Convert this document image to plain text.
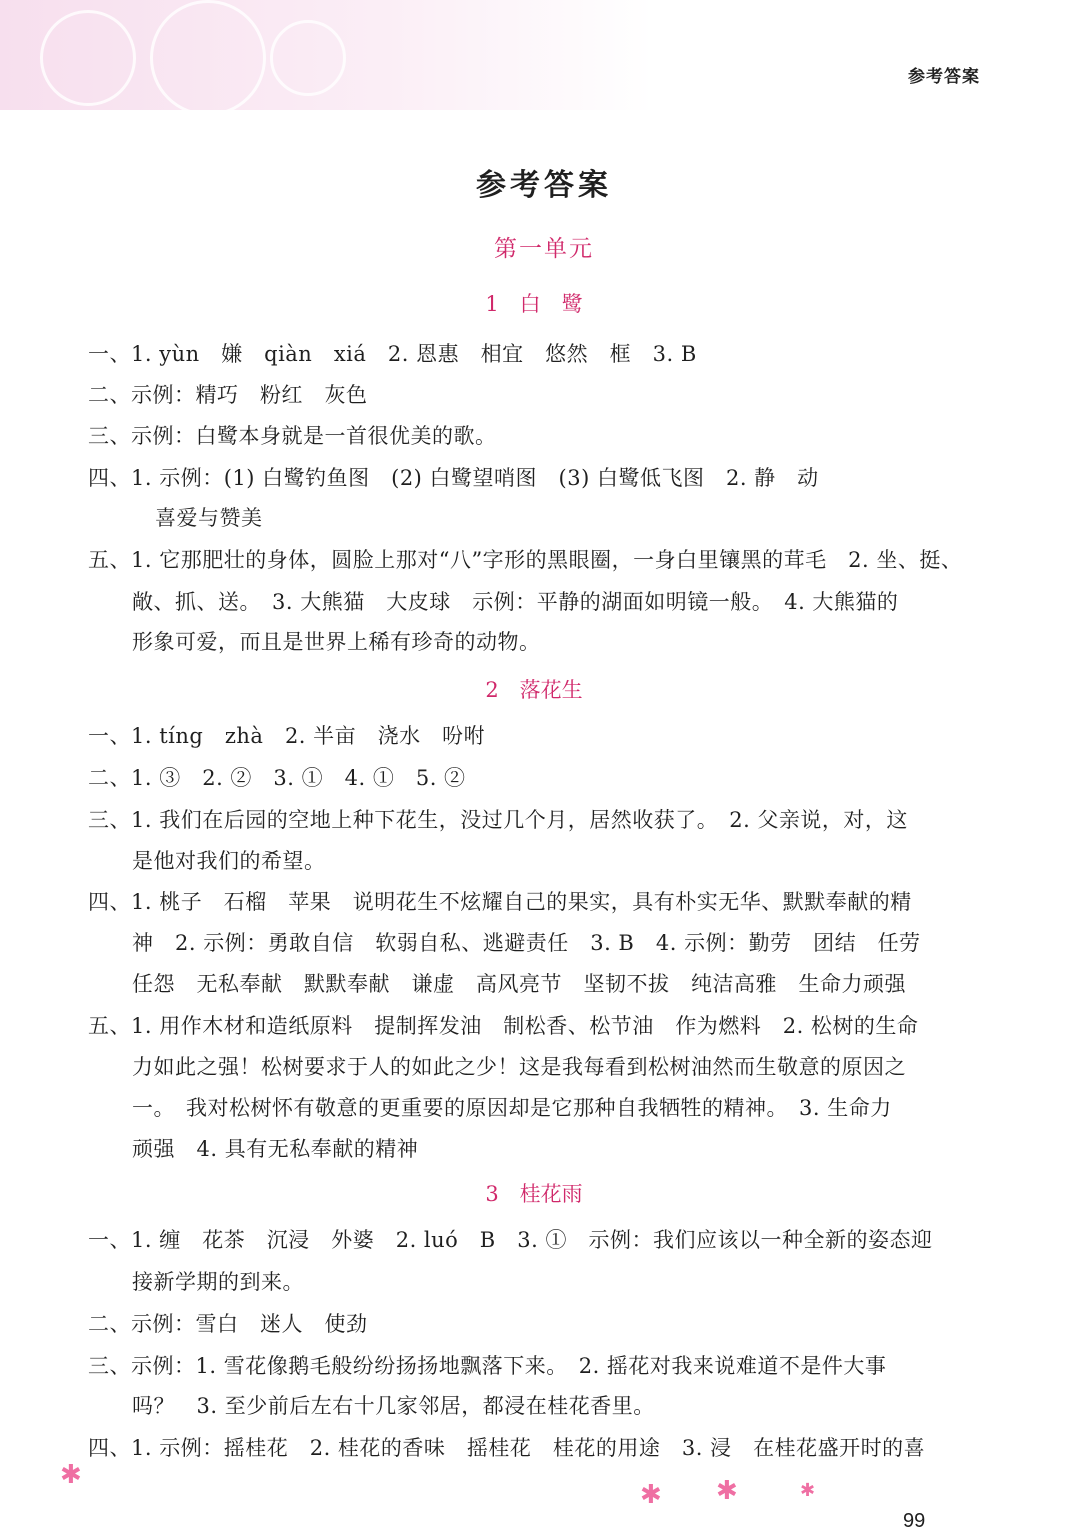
参考答案
参考答案
第一单元
1　白　鹭
一、1. yùn　嫌　qiàn　xiá　2. 恩惠　相宜　悠然　框　3. B
二、示例：精巧　粉红　灰色
三、示例：白鹭本身就是一首很优美的歌。
四、1. 示例：(1) 白鹭钓鱼图　(2) 白鹭望哨图　(3) 白鹭低飞图　2. 静　动
喜爱与赞美
五、1. 它那肥壮的身体，圆脸上那对“八”字形的黑眼圈，一身白里镶黑的茸毛　2. 坐、挺、
敞、抓、送。　3. 大熊猫　大皮球　示例：平静的湖面如明镜一般。　4. 大熊猫的
形象可爱，而且是世界上稀有珍奇的动物。
2　落花生
一、1. tíng　zhà　2. 半亩　浇水　吩咐
二、1. ③　2. ②　3. ①　4. ①　5. ②
三、1. 我们在后园的空地上种下花生，没过几个月，居然收获了。　2. 父亲说，对，这
是他对我们的希望。
四、1. 桃子　石榴　苹果　说明花生不炫耀自己的果实，具有朴实无华、默默奉献的精
神　2. 示例：勇敢自信　软弱自私、逃避责任　3. B　4. 示例：勤劳　团结　任劳
任怨　无私奉献　默默奉献　谦虚　高风亮节　坚韧不拔　纯洁高雅　生命力顽强
五、1. 用作木材和造纸原料　提制挥发油　制松香、松节油　作为燃料　2. 松树的生命
力如此之强！松树要求于人的如此之少！这是我每看到松树油然而生敬意的原因之
一。　我对松树怀有敬意的更重要的原因却是它那种自我牺牲的精神。　3. 生命力
顽强　4. 具有无私奉献的精神
3　桂花雨
一、1. 缠　花茶　沉浸　外婆　2. luó　B　3. ①　示例：我们应该以一种全新的姿态迎
接新学期的到来。
二、示例：雪白　迷人　使劲
三、示例：1. 雪花像鹅毛般纷纷扬扬地飘落下来。　2. 摇花对我来说难道不是件大事
吗？　3. 至少前后左右十几家邻居，都浸在桂花香里。
四、1. 示例：摇桂花　2. 桂花的香味　摇桂花　桂花的用途　3. 浸　在桂花盛开时的喜
✱
✱ ✱	✱
99
